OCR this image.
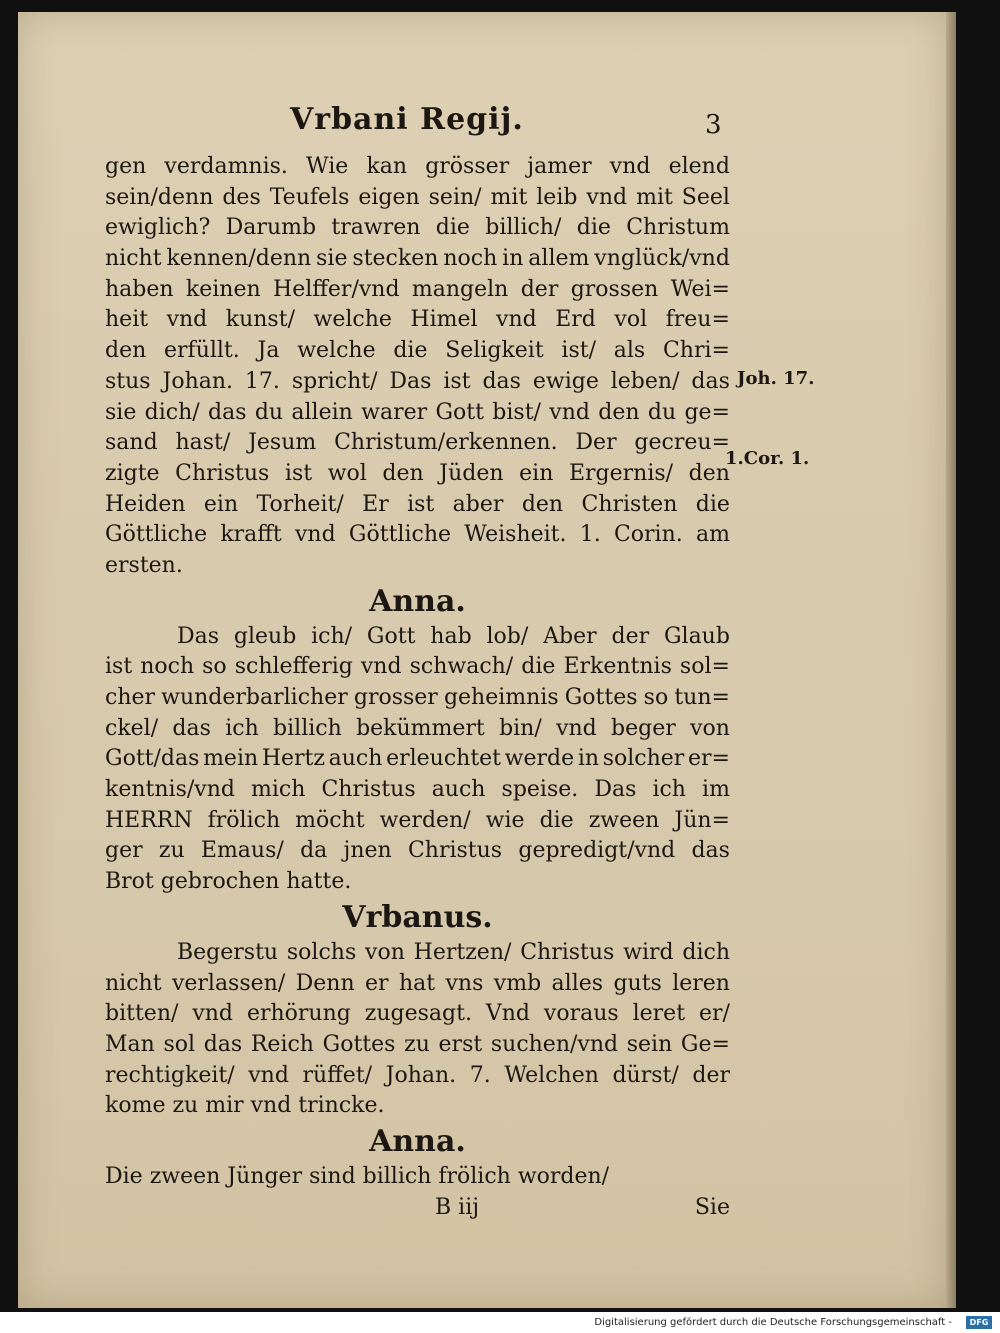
Vrbani Regij.	3
gen verdamnis. Wie kan grösser jamer vnd elend
sein/denn des Teufels eigen sein/ mit leib vnd mit Seel
ewiglich? Darumb trawren die billich/ die Christum
nicht kennen/denn sie stecken noch in allem vnglück/vnd
haben keinen Helffer/vnd mangeln der grossen Wei=
heit vnd kunst/ welche Himel vnd Erd vol freu=
den erfüllt. Ja welche die Seligkeit ist/ als Chri=
stus Johan. 17. spricht/ Das ist das ewige leben/ das
sie dich/ das du allein warer Gott bist/ vnd den du ge=
sand hast/ Jesum Christum/erkennen. Der gecreu=
zigte Christus ist wol den Jüden ein Ergernis/ den
Heiden ein Torheit/ Er ist aber den Christen die
Göttliche krafft vnd Göttliche Weisheit. 1. Corin. am
ersten.
Anna.
Das gleub ich/ Gott hab lob/ Aber der Glaub
ist noch so schlefferig vnd schwach/ die Erkentnis sol=
cher wunderbarlicher grosser geheimnis Gottes so tun=
ckel/ das ich billich bekümmert bin/ vnd beger von
Gott/das mein Hertz auch erleuchtet werde in solcher er=
kentnis/vnd mich Christus auch speise. Das ich im
HERRN frölich möcht werden/ wie die zween Jün=
ger zu Emaus/ da jnen Christus gepredigt/vnd das
Brot gebrochen hatte.
Vrbanus.
Begerstu solchs von Hertzen/ Christus wird dich
nicht verlassen/ Denn er hat vns vmb alles guts leren
bitten/ vnd erhörung zugesagt. Vnd voraus leret er/
Man sol das Reich Gottes zu erst suchen/vnd sein Ge=
rechtigkeit/ vnd rüffet/ Johan. 7. Welchen dürst/ der
kome zu mir vnd trincke.
Anna.
Die zween Jünger sind billich frölich worden/
B iij	Sie
Joh. 17.
1.Cor. 1.
Digitalisierung gefördert durch die Deutsche Forschungsgemeinschaft -	DFG
